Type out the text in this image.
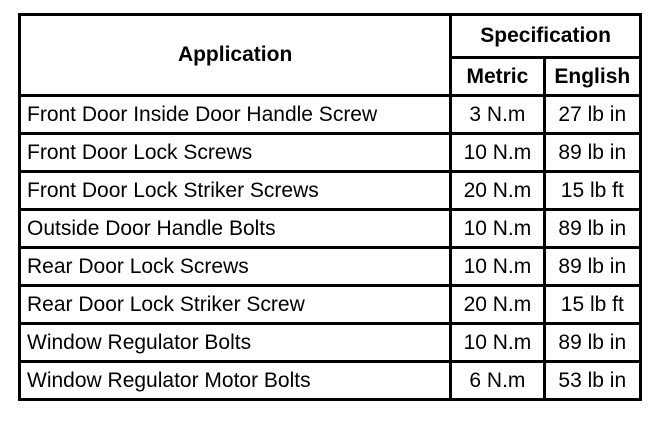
Application	Specification	
	Metric	English
Front Door Inside Door Handle Screw	3 N.m	27 lb in
Front Door Lock Screws	10 N.m	89 lb in
Front Door Lock Striker Screws	20 N.m	15 lb ft
Outside Door Handle Bolts	10 N.m	89 lb in
Rear Door Lock Screws	10 N.m	89 lb in
Rear Door Lock Striker Screw	20 N.m	15 lb ft
Window Regulator Bolts	10 N.m	89 lb in
Window Regulator Motor Bolts	6 N.m	53 lb in
